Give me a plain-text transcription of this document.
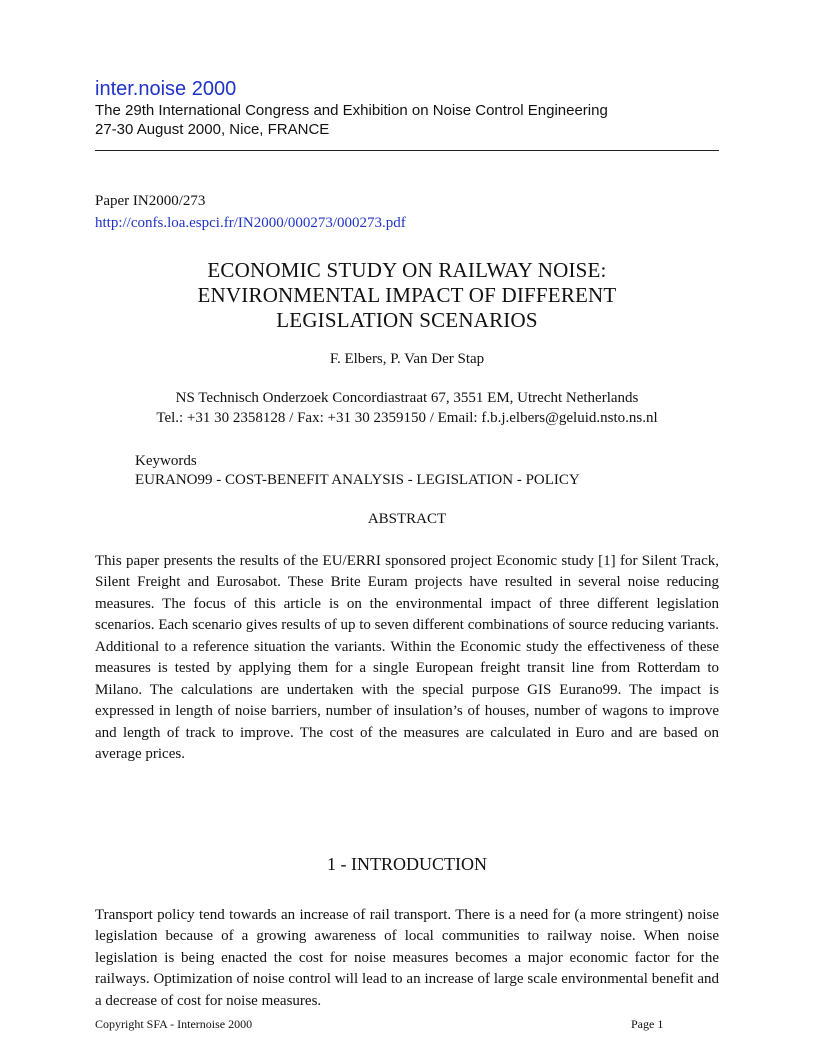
inter.noise 2000

The 29th International Congress and Exhibition on Noise Control Engineering

27-30 August 2000, Nice, FRANCE

Paper IN2000/273

http://confs.loa.espci.fr/IN2000/000273/000273.pdf
ECONOMIC STUDY ON RAILWAY NOISE:
ENVIRONMENTAL IMPACT OF DIFFERENT
LEGISLATION SCENARIOS

F. Elbers, P. Van Der Stap

NS Technisch Onderzoek Concordiastraat 67, 3551 EM, Utrecht Netherlands
Tel.: +31 30 2358128 / Fax: +31 30 2359150 / Email: f.b.j.elbers@geluid.nsto.ns.nl
Keywords
EURANO99 - COST-BENEFIT ANALYSIS - LEGISLATION - POLICY
ABSTRACT

This paper presents the results of the EU/ERRI sponsored project Economic study [1] for Silent Track, Silent Freight and Eurosabot. These Brite Euram projects have resulted in several noise reducing measures. The focus of this article is on the environmental impact of three different legislation scenarios. Each scenario gives results of up to seven different combinations of source reducing variants. Additional to a reference situation the variants. Within the Economic study the effectiveness of these measures is tested by applying them for a single European freight transit line from Rotterdam to Milano. The calculations are undertaken with the special purpose GIS Eurano99. The impact is expressed in length of noise barriers, number of insulation’s of houses, number of wagons to improve and length of track to improve. The cost of the measures are calculated in Euro and are based on average prices.

1 - INTRODUCTION

Transport policy tend towards an increase of rail transport. There is a need for (a more stringent) noise legislation because of a growing awareness of local communities to railway noise. When noise legislation is being enacted the cost for noise measures becomes a major economic factor for the railways. Optimization of noise control will lead to an increase of large scale environmental benefit and a decrease of cost for noise measures.

Copyright SFA - Internoise 2000	Page 1
